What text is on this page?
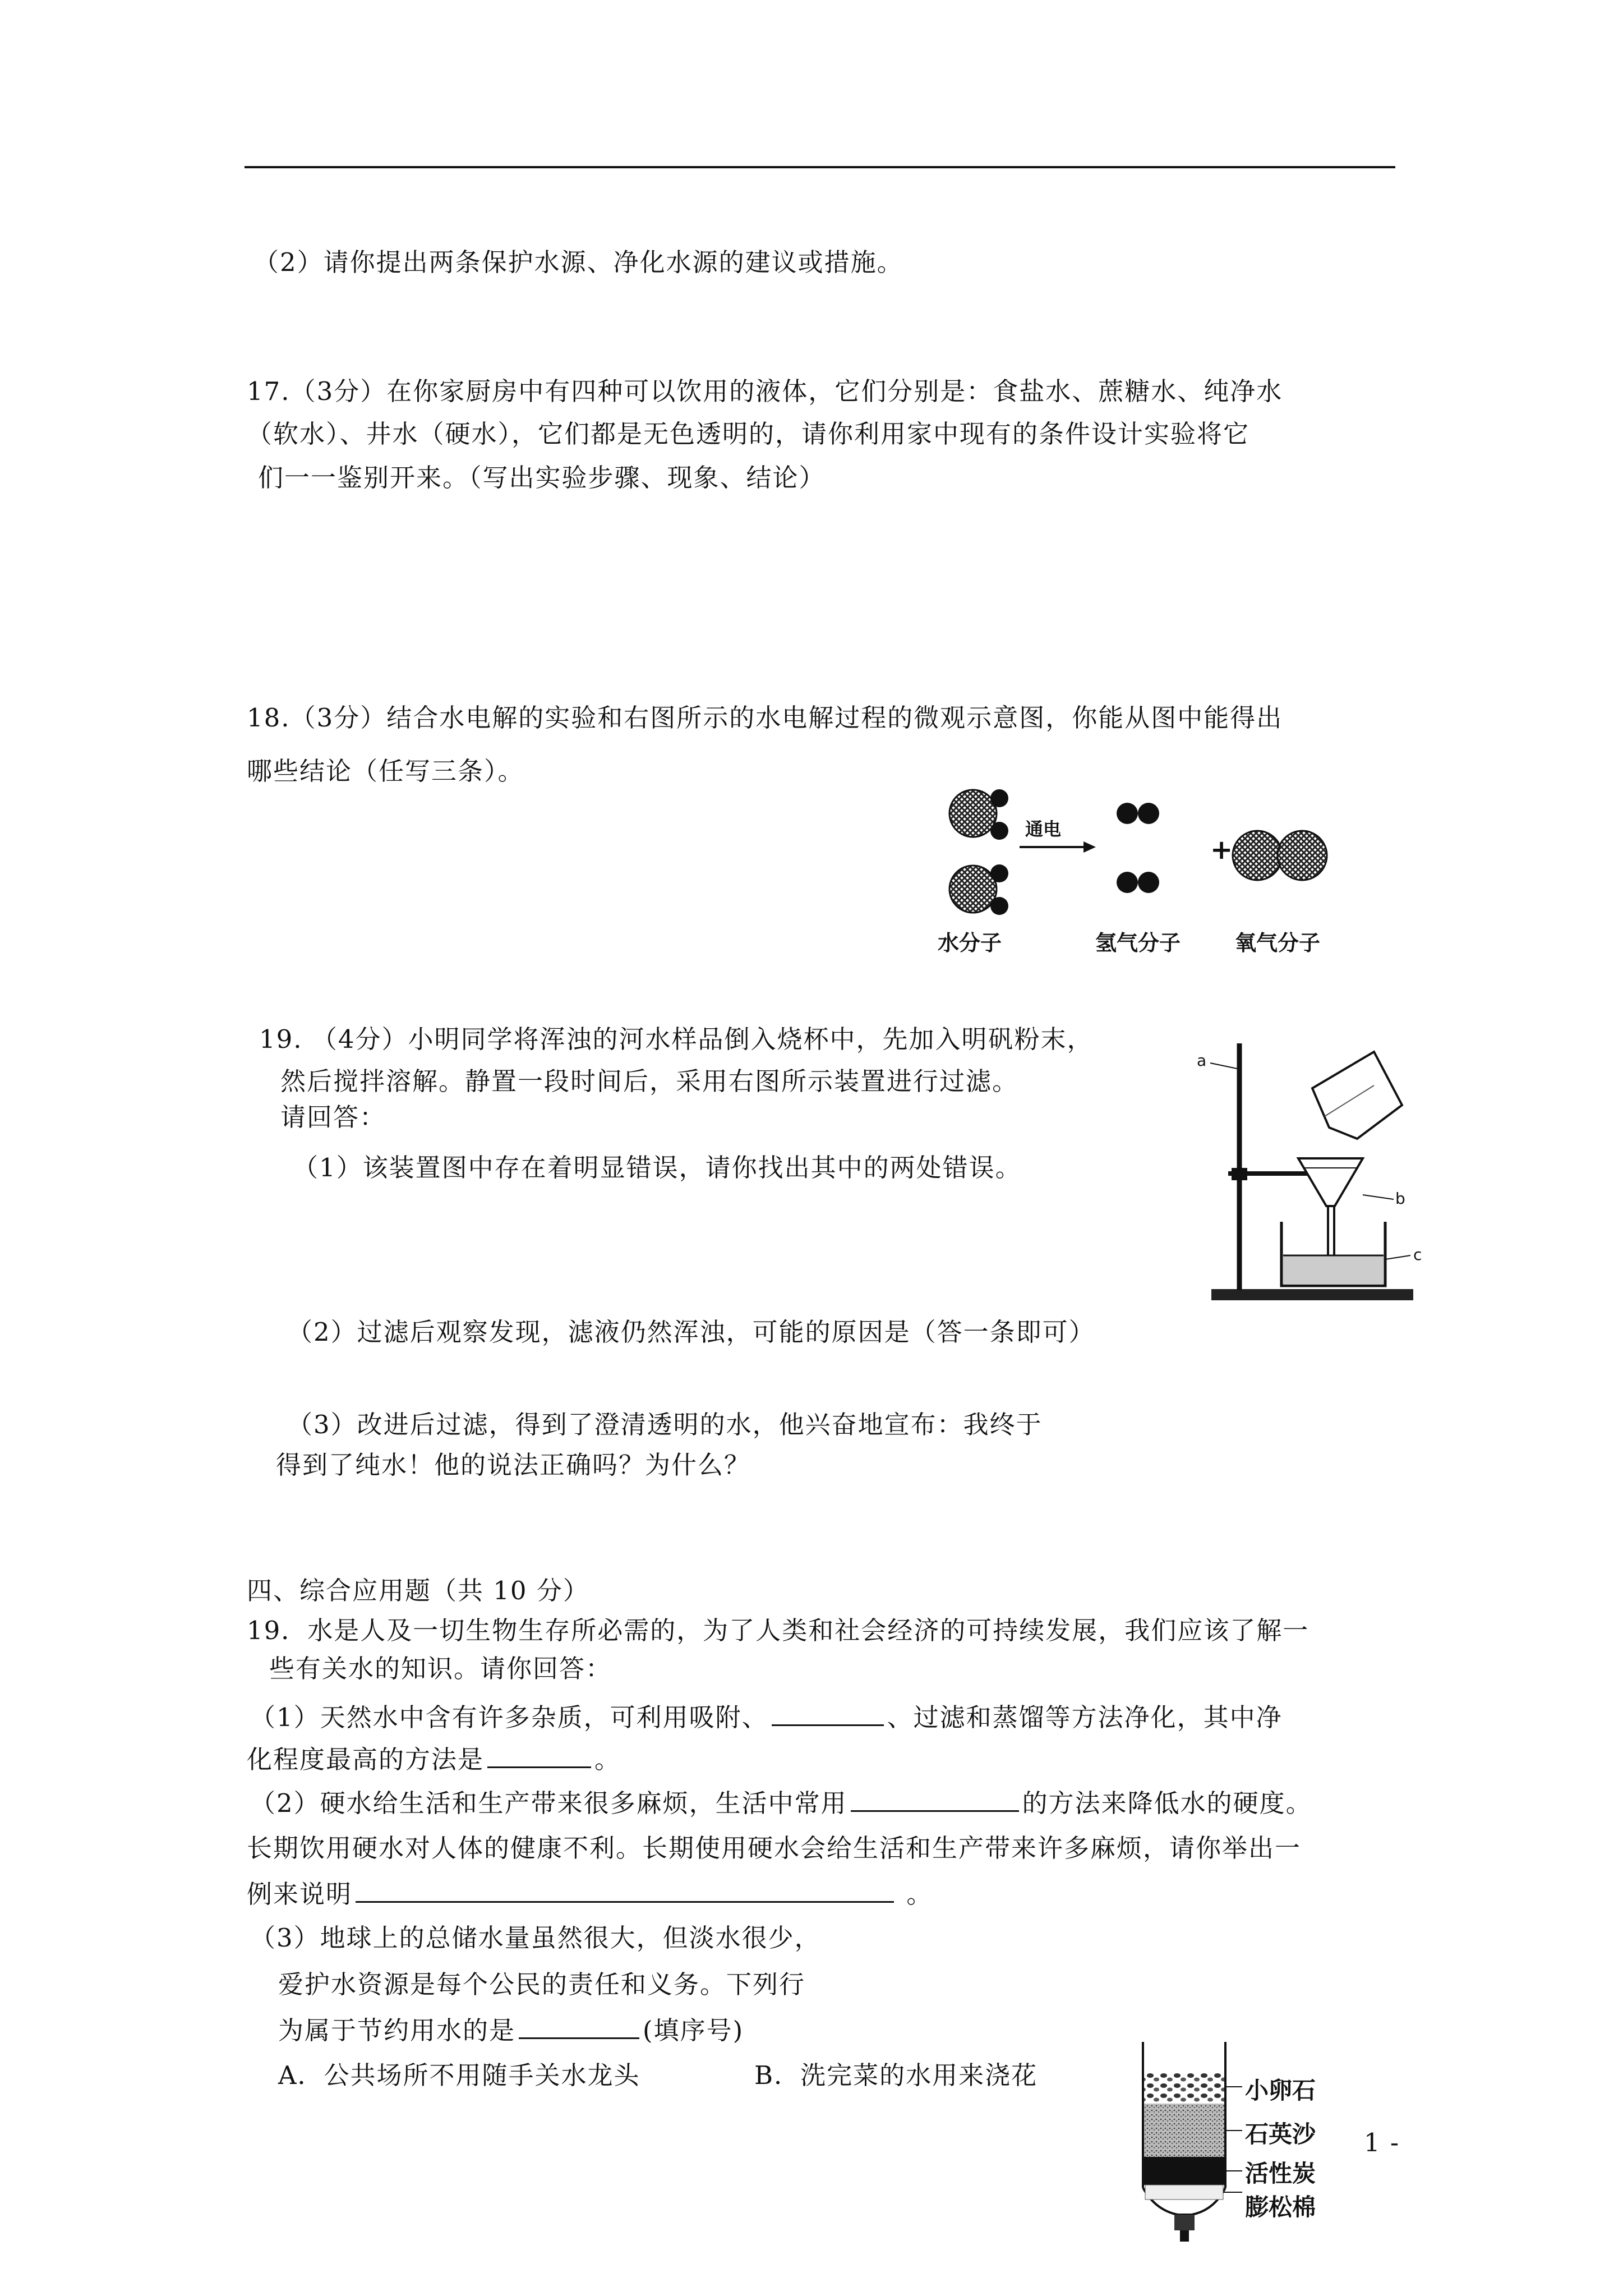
（2）请你提出两条保护水源、净化水源的建议或措施。
17.（3分）在你家厨房中有四种可以饮用的液体，它们分别是：食盐水、蔗糖水、纯净水
（软水）、井水（硬水），它们都是无色透明的，请你利用家中现有的条件设计实验将它
们一一鉴别开来。（写出实验步骤、现象、结论）
18.（3分）结合水电解的实验和右图所示的水电解过程的微观示意图，你能从图中能得出
哪些结论（任写三条）。
通电
+
水分子	氢气分子	氧气分子
19. （4分）小明同学将浑浊的河水样品倒入烧杯中，先加入明矾粉末，
然后搅拌溶解。静置一段时间后，采用右图所示装置进行过滤。
请回答：
（1）该装置图中存在着明显错误，请你找出其中的两处错误。
a
b
c
（2）过滤后观察发现，滤液仍然浑浊，可能的原因是（答一条即可）
（3）改进后过滤，得到了澄清透明的水，他兴奋地宣布：我终于
得到了纯水！他的说法正确吗？为什么？
四、综合应用题（共 10 分）
19．水是人及一切生物生存所必需的，为了人类和社会经济的可持续发展，我们应该了解一
些有关水的知识。请你回答：
（1）天然水中含有许多杂质，可利用吸附、	、过滤和蒸馏等方法净化，其中净
化程度最高的方法是	。
（2）硬水给生活和生产带来很多麻烦，生活中常用	的方法来降低水的硬度。
长期饮用硬水对人体的健康不利。长期使用硬水会给生活和生产带来许多麻烦，请你举出一
例来说明	。
（3）地球上的总储水量虽然很大，但淡水很少，
爱护水资源是每个公民的责任和义务。下列行
为属于节约用水的是	(填序号)
A．公共场所不用随手关水龙头	B．洗完菜的水用来浇花
小卵石
石英沙
活性炭
膨松棉
1 -
